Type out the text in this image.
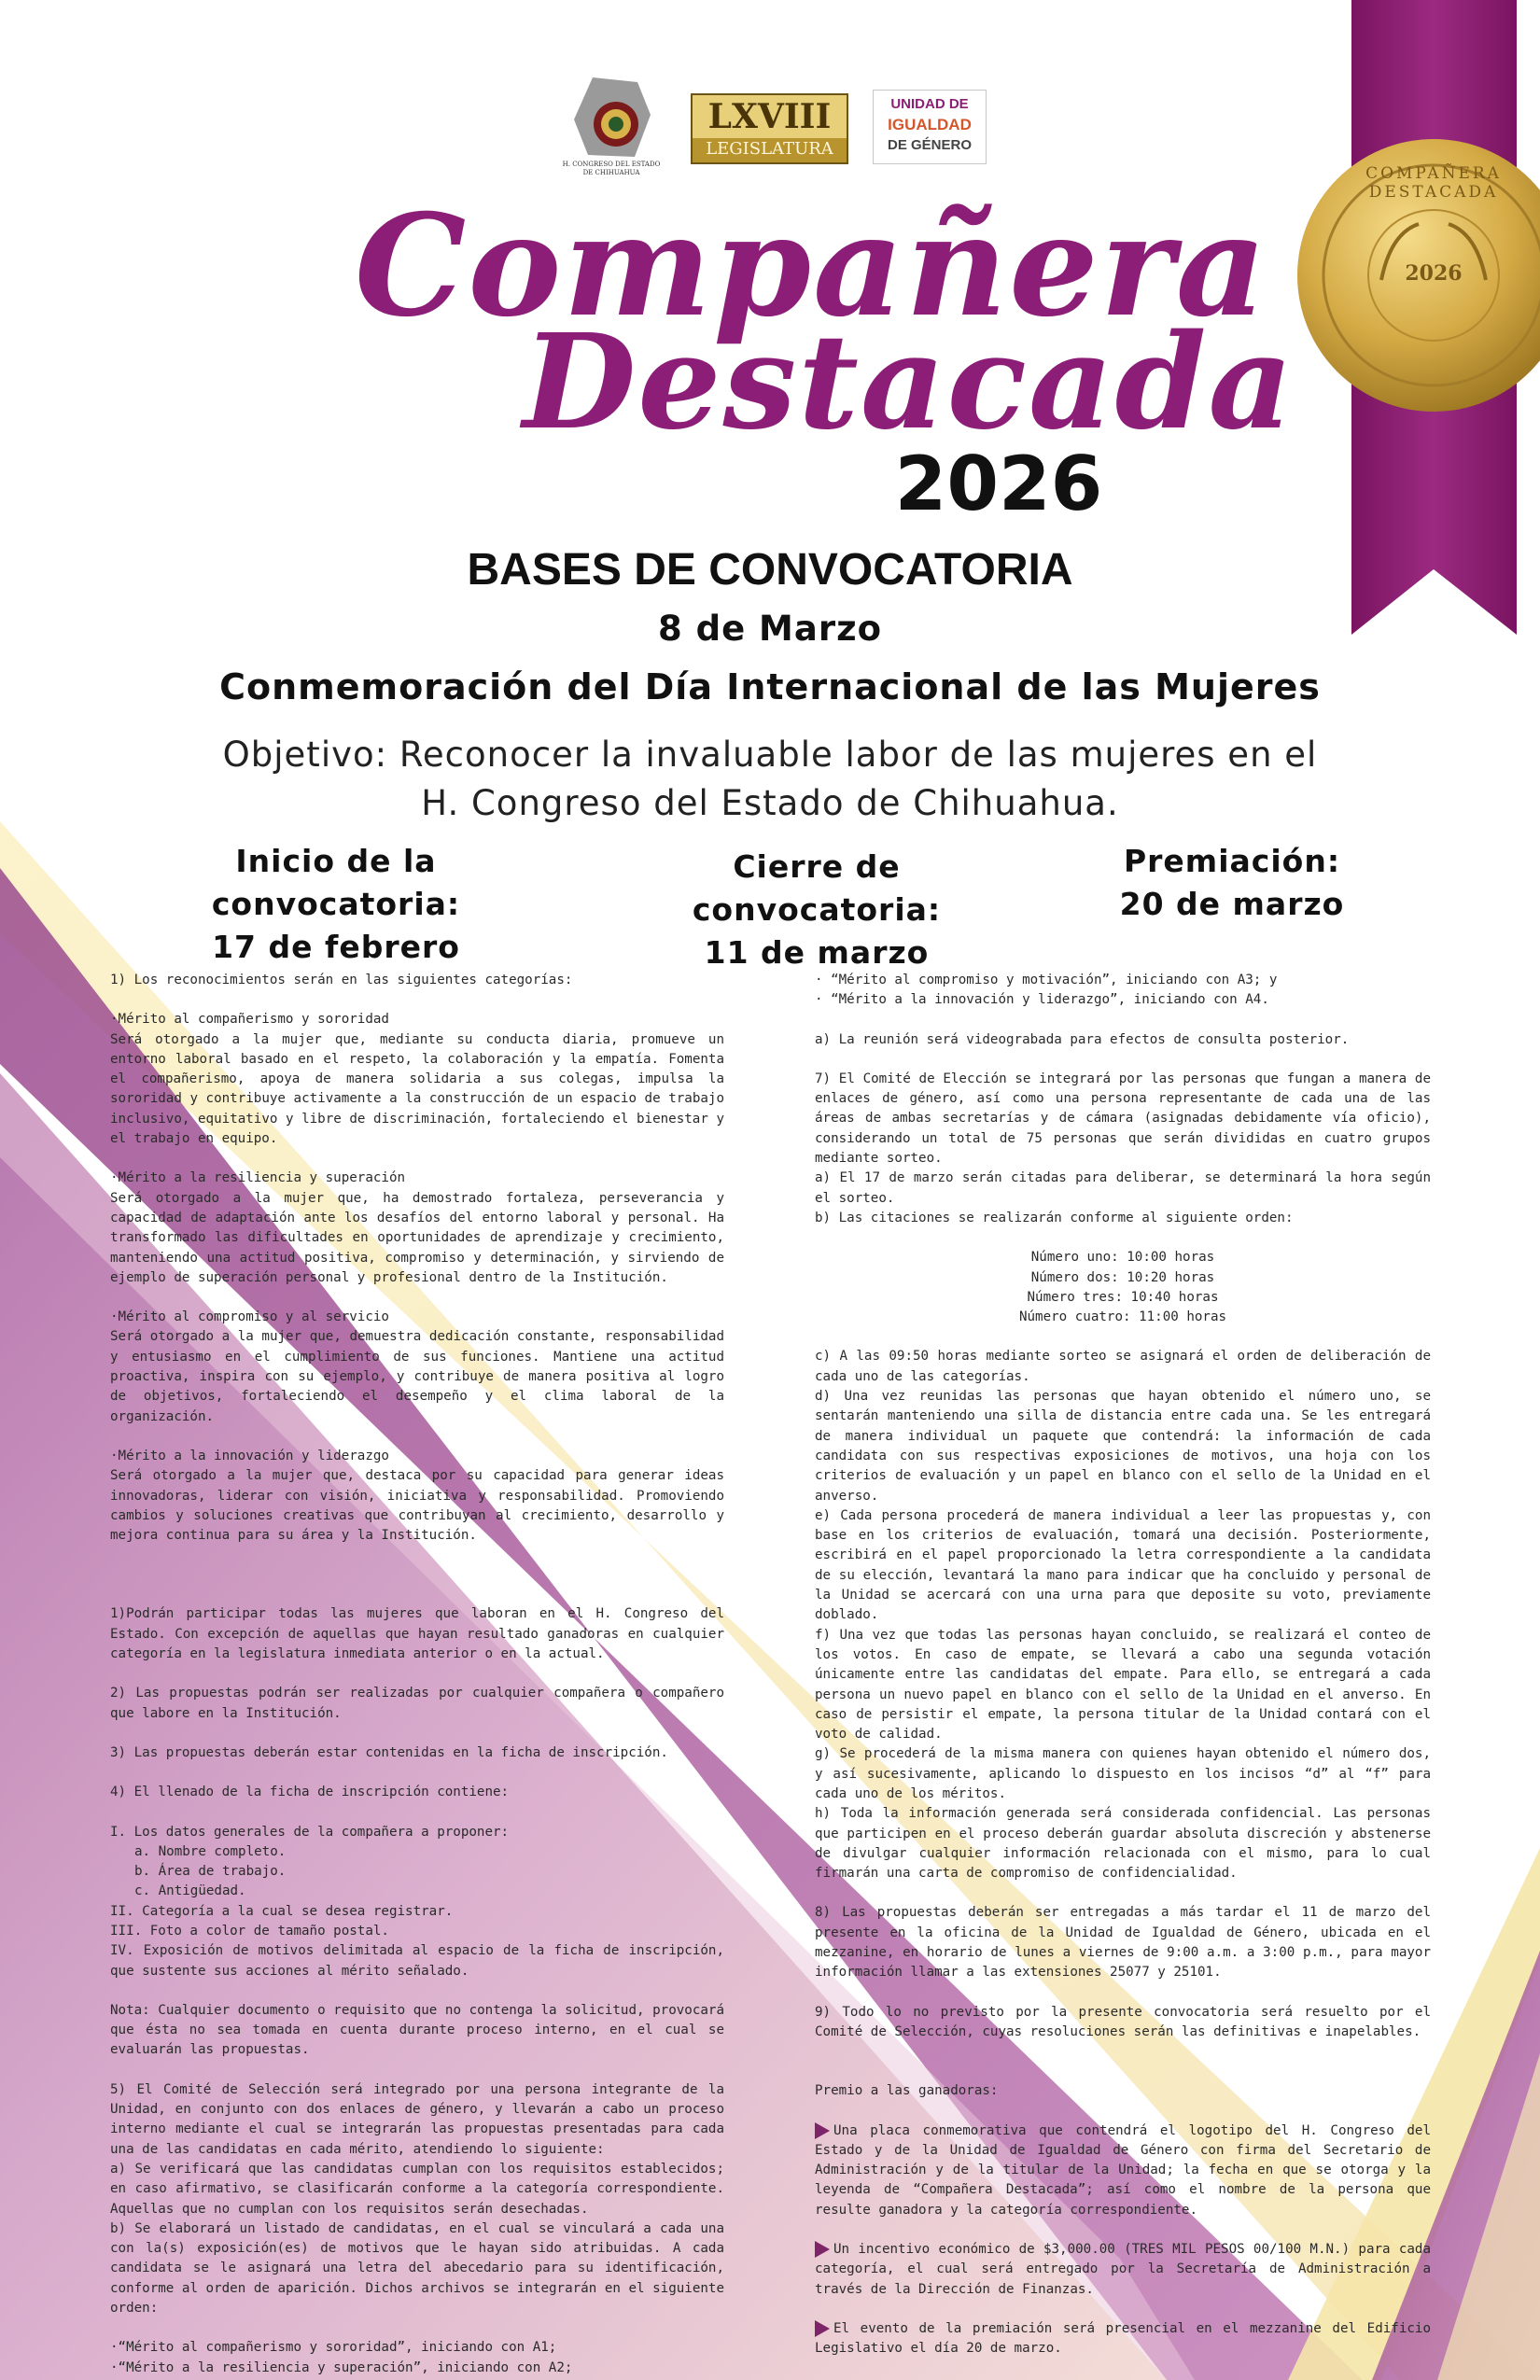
COMPAÑERA DESTACADA
2026
H. CONGRESO DEL ESTADO DE CHIHUAHUA
LXVIII
LEGISLATURA
UNIDAD DE
IGUALDAD
DE GÉNERO
Compañera
Destacada
2026
BASES DE CONVOCATORIA
8 de Marzo
Conmemoración del Día Internacional de las Mujeres
Objetivo: Reconocer la invaluable labor de las mujeres en el
H. Congreso del Estado de Chihuahua.
Inicio de la convocatoria:
17 de febrero
Cierre de convocatoria:
11 de marzo
Premiación:
20 de marzo

1) Los reconocimientos serán en las siguientes categorías:

·Mérito al compañerismo y sororidad

Será otorgado a la mujer que, mediante su conducta diaria, promueve un entorno laboral basado en el respeto, la colaboración y la empatía. Fomenta el compañerismo, apoya de manera solidaria a sus colegas, impulsa la sororidad y contribuye activamente a la construcción de un espacio de trabajo inclusivo, equitativo y libre de discriminación, fortaleciendo el bienestar y el trabajo en equipo.

·Mérito a la resiliencia y superación

Será otorgado a la mujer que, ha demostrado fortaleza, perseverancia y capacidad de adaptación ante los desafíos del entorno laboral y personal. Ha transformado las dificultades en oportunidades de aprendizaje y crecimiento, manteniendo una actitud positiva, compromiso y determinación, y sirviendo de ejemplo de superación personal y profesional dentro de la Institución.

·Mérito al compromiso y al servicio

Será otorgado a la mujer que, demuestra dedicación constante, responsabilidad y entusiasmo en el cumplimiento de sus funciones. Mantiene una actitud proactiva, inspira con su ejemplo, y contribuye de manera positiva al logro de objetivos, fortaleciendo el desempeño y el clima laboral de la organización.

·Mérito a la innovación y liderazgo

Será otorgado a la mujer que, destaca por su capacidad para generar ideas innovadoras, liderar con visión, iniciativa y responsabilidad. Promoviendo cambios y soluciones creativas que contribuyan al crecimiento, desarrollo y mejora continua para su área y la Institución.

1)Podrán participar todas las mujeres que laboran en el H. Congreso del Estado. Con excepción de aquellas que hayan resultado ganadoras en cualquier categoría en la legislatura inmediata anterior o en la actual.

2) Las propuestas podrán ser realizadas por cualquier compañera o compañero que labore en la Institución.

3) Las propuestas deberán estar contenidas en la ficha de inscripción.

4) El llenado de la ficha de inscripción contiene:

I. Los datos generales de la compañera a proponer:

a. Nombre completo.

b. Área de trabajo.

c. Antigüedad.

II. Categoría a la cual se desea registrar.

III. Foto a color de tamaño postal.

IV. Exposición de motivos delimitada al espacio de la ficha de inscripción, que sustente sus acciones al mérito señalado.

Nota: Cualquier documento o requisito que no contenga la solicitud, provocará que ésta no sea tomada en cuenta durante proceso interno, en el cual se evaluarán las propuestas.

5) El Comité de Selección será integrado por una persona integrante de la Unidad, en conjunto con dos enlaces de género, y llevarán a cabo un proceso interno mediante el cual se integrarán las propuestas presentadas para cada una de las candidatas en cada mérito, atendiendo lo siguiente:

a) Se verificará que las candidatas cumplan con los requisitos establecidos; en caso afirmativo, se clasificarán conforme a la categoría correspondiente. Aquellas que no cumplan con los requisitos serán desechadas.

b) Se elaborará un listado de candidatas, en el cual se vinculará a cada una con la(s) exposición(es) de motivos que le hayan sido atribuidas. A cada candidata se le asignará una letra del abecedario para su identificación, conforme al orden de aparición. Dichos archivos se integrarán en el siguiente orden:

·“Mérito al compañerismo y sororidad”, iniciando con A1;

·“Mérito a la resiliencia y superación”, iniciando con A2;

· “Mérito al compromiso y motivación”, iniciando con A3; y

· “Mérito a la innovación y liderazgo”, iniciando con A4.

a) La reunión será videograbada para efectos de consulta posterior.

7) El Comité de Elección se integrará por las personas que fungan a manera de enlaces de género, así como una persona representante de cada una de las áreas de ambas secretarías y de cámara (asignadas debidamente vía oficio), considerando un total de 75 personas que serán divididas en cuatro grupos mediante sorteo.

a) El 17 de marzo serán citadas para deliberar, se determinará la hora según el sorteo.

b) Las citaciones se realizarán conforme al siguiente orden:

Número uno: 10:00 horas

Número dos: 10:20 horas

Número tres: 10:40 horas

Número cuatro: 11:00 horas

c) A las 09:50 horas mediante sorteo se asignará el orden de deliberación de cada uno de las categorías.

d) Una vez reunidas las personas que hayan obtenido el número uno, se sentarán manteniendo una silla de distancia entre cada una. Se les entregará de manera individual un paquete que contendrá: la información de cada candidata con sus respectivas exposiciones de motivos, una hoja con los criterios de evaluación y un papel en blanco con el sello de la Unidad en el anverso.

e) Cada persona procederá de manera individual a leer las propuestas y, con base en los criterios de evaluación, tomará una decisión. Posteriormente, escribirá en el papel proporcionado la letra correspondiente a la candidata de su elección, levantará la mano para indicar que ha concluido y personal de la Unidad se acercará con una urna para que deposite su voto, previamente doblado.

f) Una vez que todas las personas hayan concluido, se realizará el conteo de los votos. En caso de empate, se llevará a cabo una segunda votación únicamente entre las candidatas del empate. Para ello, se entregará a cada persona un nuevo papel en blanco con el sello de la Unidad en el anverso. En caso de persistir el empate, la persona titular de la Unidad contará con el voto de calidad.

g) Se procederá de la misma manera con quienes hayan obtenido el número dos, y así sucesivamente, aplicando lo dispuesto en los incisos “d” al “f” para cada uno de los méritos.

h) Toda la información generada será considerada confidencial. Las personas que participen en el proceso deberán guardar absoluta discreción y abstenerse de divulgar cualquier información relacionada con el mismo, para lo cual firmarán una carta de compromiso de confidencialidad.

8) Las propuestas deberán ser entregadas a más tardar el 11 de marzo del presente en la oficina de la Unidad de Igualdad de Género, ubicada en el mezzanine, en horario de lunes a viernes de 9:00 a.m. a 3:00 p.m., para mayor información llamar a las extensiones 25077 y 25101.

9) Todo lo no previsto por la presente convocatoria será resuelto por el Comité de Selección, cuyas resoluciones serán las definitivas e inapelables.

Premio a las ganadoras:

Una placa conmemorativa que contendrá el logotipo del H. Congreso del Estado y de la Unidad de Igualdad de Género con firma del Secretario de Administración y de la titular de la Unidad; la fecha en que se otorga y la leyenda de “Compañera Destacada”; así como el nombre de la persona que resulte ganadora y la categoría correspondiente.

Un incentivo económico de $3,000.00 (TRES MIL PESOS 00/100 M.N.) para cada categoría, el cual será entregado por la Secretaría de Administración a través de la Dirección de Finanzas.

El evento de la premiación será presencial en el mezzanine del Edificio Legislativo el día 20 de marzo.
